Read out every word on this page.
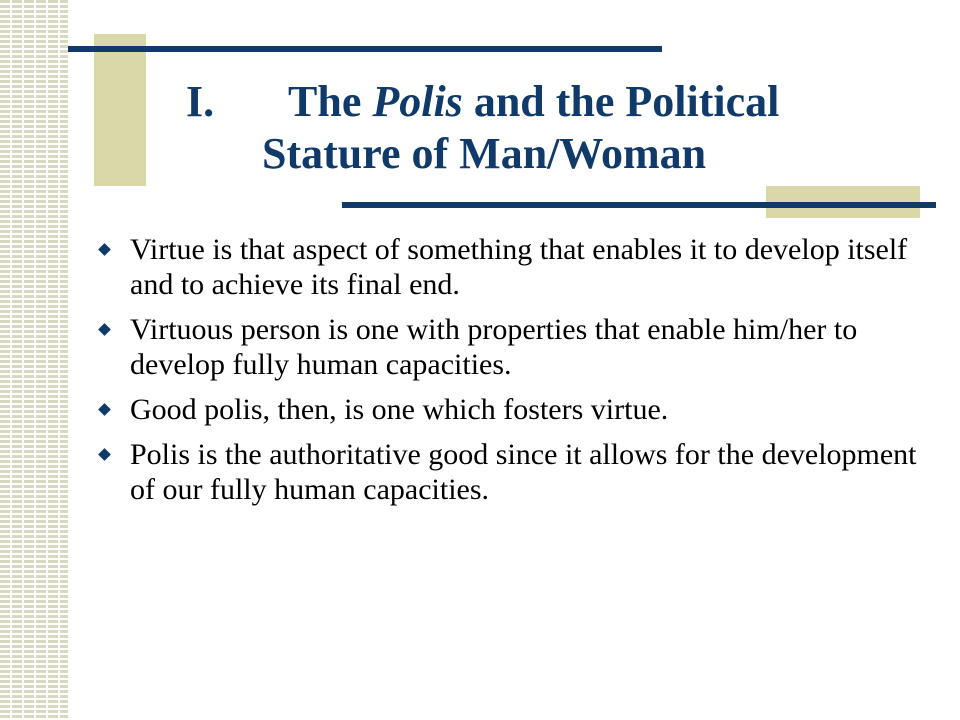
I. The Polis and the Political
Stature of Man/Woman
Virtue is that aspect of something that enables it to develop itself and to achieve its final end.
Virtuous person is one with properties that enable him/her to develop fully human capacities.
Good polis, then, is one which fosters virtue.
Polis is the authoritative good since it allows for the development of our fully human capacities.
